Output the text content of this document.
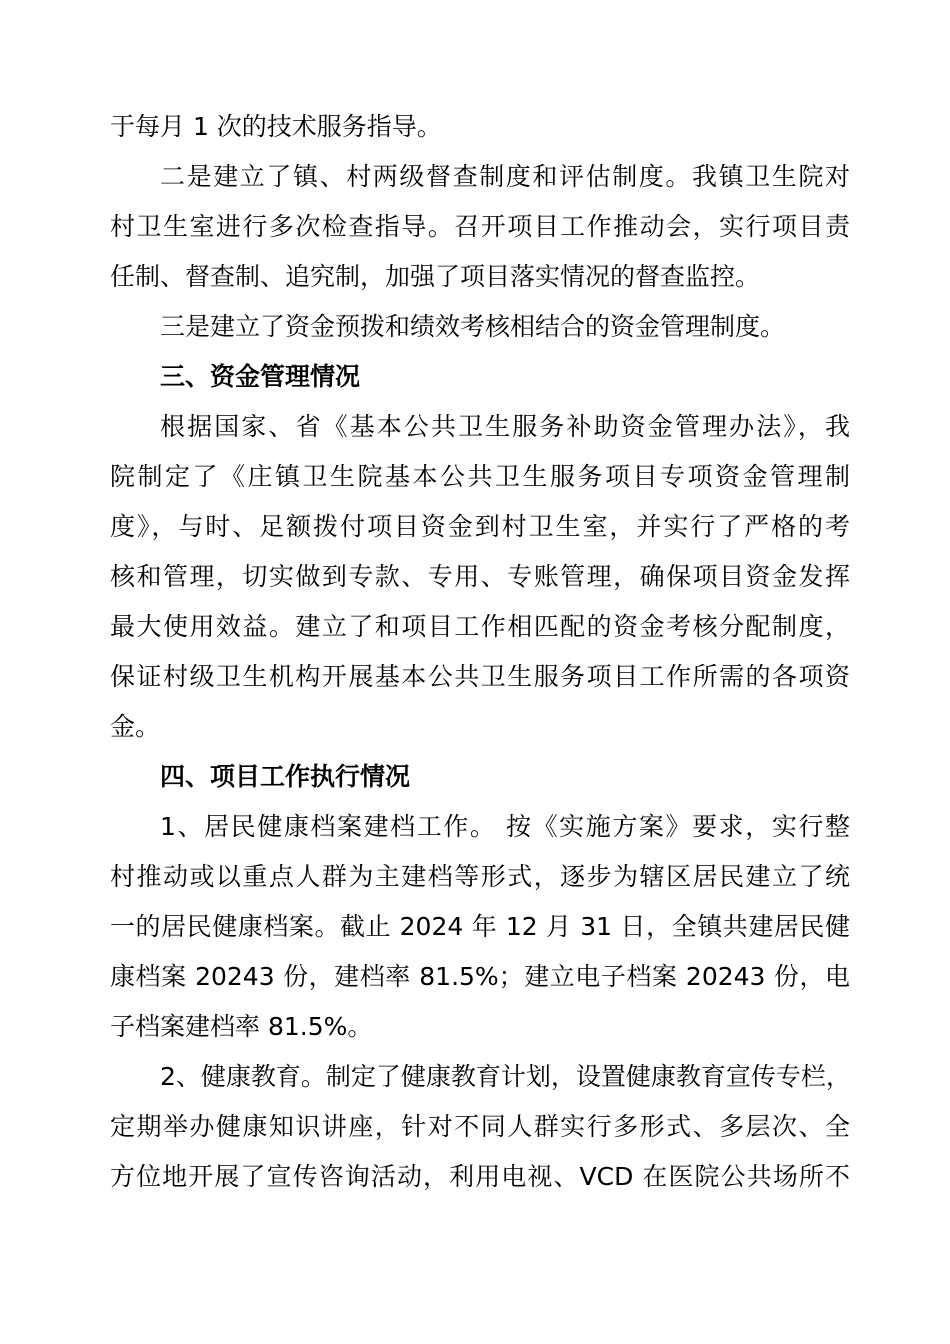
于每月 1 次的技术服务指导。
二是建立了镇、村两级督查制度和评估制度。我镇卫生院对
村卫生室进行多次检查指导。召开项目工作推动会，实行项目责
任制、督查制、追究制，加强了项目落实情况的督查监控。
三是建立了资金预拨和绩效考核相结合的资金管理制度。
三、资金管理情况
根据国家、省《基本公共卫生服务补助资金管理办法》，我
院制定了《庄镇卫生院基本公共卫生服务项目专项资金管理制
度》，与时、足额拨付项目资金到村卫生室，并实行了严格的考
核和管理，切实做到专款、专用、专账管理，确保项目资金发挥
最大使用效益。建立了和项目工作相匹配的资金考核分配制度，
保证村级卫生机构开展基本公共卫生服务项目工作所需的各项资
金。
四、项目工作执行情况
1、居民健康档案建档工作。 按《实施方案》要求，实行整
村推动或以重点人群为主建档等形式，逐步为辖区居民建立了统
一的居民健康档案。截止 2024 年 12 月 31 日，全镇共建居民健
康档案 20243 份，建档率 81.5%；建立电子档案 20243 份，电
子档案建档率 81.5%。
2、健康教育。制定了健康教育计划，设置健康教育宣传专栏，
定期举办健康知识讲座，针对不同人群实行多形式、多层次、全
方位地开展了宣传咨询活动，利用电视、VCD 在医院公共场所不
